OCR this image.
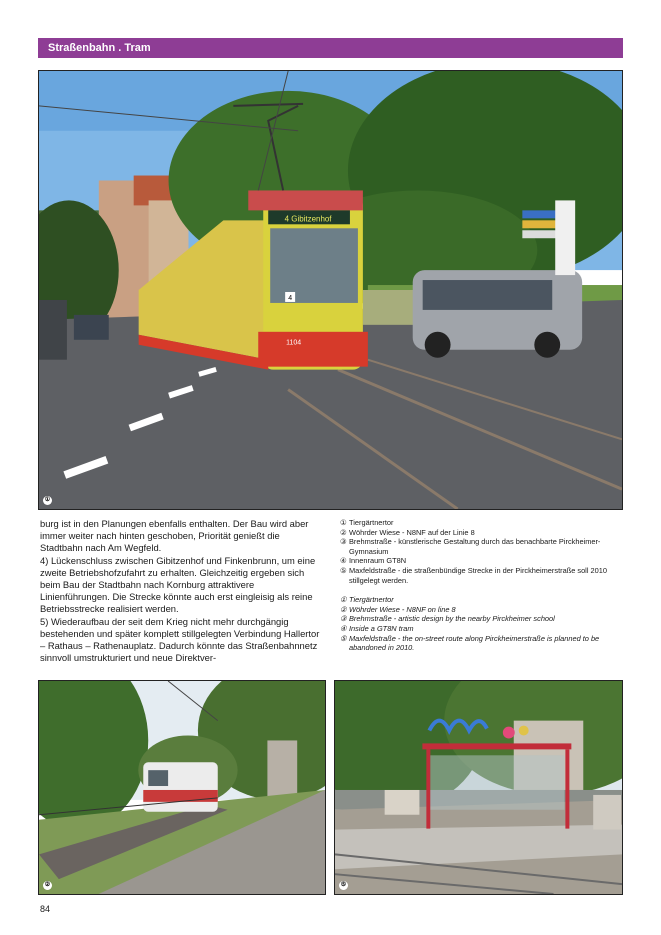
Straßenbahn . Tram
4 Gibitzenhof
1104
4
①

burg ist in den Planungen ebenfalls enthalten. Der Bau wird aber immer weiter nach hinten geschoben, Priorität genießt die Stadtbahn nach Am Wegfeld.

4) Lückenschluss zwischen Gibitzenhof und Finkenbrunn, um eine zweite Betriebshofzufahrt zu erhalten. Gleichzeitig ergeben sich beim Bau der Stadtbahn nach Kornburg attraktivere Linienführungen. Die Strecke könnte auch erst eingleisig als reine Betriebsstrecke realisiert werden.

5) Wiederaufbau der seit dem Krieg nicht mehr durchgängig bestehenden und später komplett stillgelegten Verbindung Hallertor – Rathaus – Rathenauplatz. Dadurch könnte das Straßenbahnnetz sinnvoll umstrukturiert und neue Direktver-

① Tiergärtnertor
② Wöhrder Wiese - N8NF auf der Linie 8
③ Brehmstraße - künstlerische Gestaltung durch das benachbarte Pirckheimer-Gymnasium
④ Innenraum GT8N
⑤ Maxfeldstraße - die straßenbündige Strecke in der Pirckheimerstraße soll 2010 stillgelegt werden.
① Tiergärtnertor
② Wöhrder Wiese - N8NF on line 8
③ Brehmstraße - artistic design by the nearby Pirckheimer school
④ Inside a GT8N tram
⑤ Maxfeldstraße - the on-street route along Pirckheimerstraße is planned to be abandoned in 2010.
②	⑤
84
